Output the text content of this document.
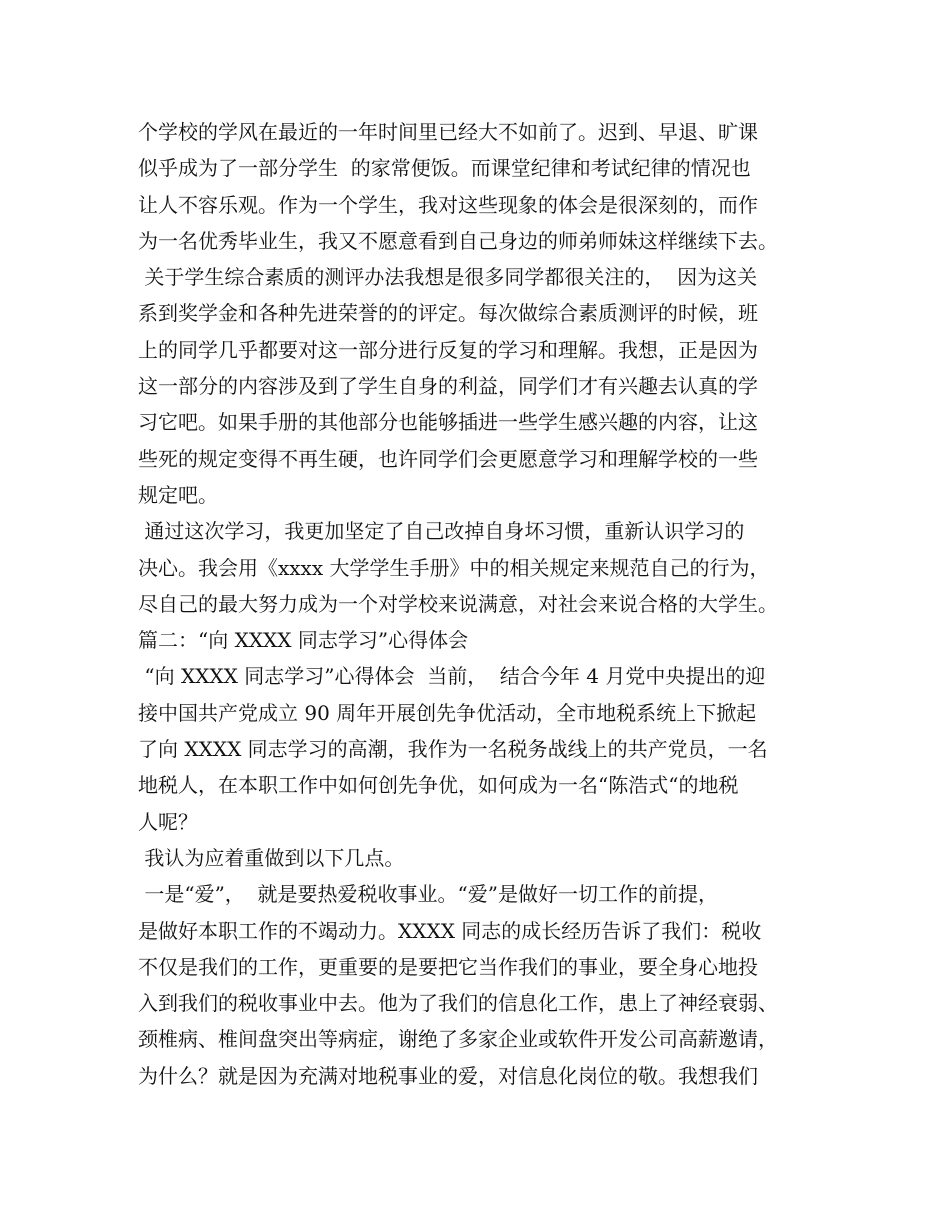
个学校的学风在最近的一年时间里已经大不如前了。迟到、早退、旷课
似乎成为了一部分学生  的家常便饭。而课堂纪律和考试纪律的情况也
让人不容乐观。作为一个学生，我对这些现象的体会是很深刻的，而作
为一名优秀毕业生，我又不愿意看到自己身边的师弟师妹这样继续下去。
关于学生综合素质的测评办法我想是很多同学都很关注的，  因为这关
系到奖学金和各种先进荣誉的的评定。每次做综合素质测评的时候，班
上的同学几乎都要对这一部分进行反复的学习和理解。我想，正是因为
这一部分的内容涉及到了学生自身的利益，同学们才有兴趣去认真的学
习它吧。如果手册的其他部分也能够插进一些学生感兴趣的内容，让这
些死的规定变得不再生硬，也许同学们会更愿意学习和理解学校的一些
规定吧。
通过这次学习，我更加坚定了自己改掉自身坏习惯，重新认识学习的
决心。我会用《xxxx 大学学生手册》中的相关规定来规范自己的行为，
尽自己的最大努力成为一个对学校来说满意，对社会来说合格的大学生。
篇二：“向 XXXX 同志学习”心得体会
“向 XXXX 同志学习”心得体会  当前，  结合今年 4 月党中央提出的迎
接中国共产党成立 90 周年开展创先争优活动，全市地税系统上下掀起
了向 XXXX 同志学习的高潮，我作为一名税务战线上的共产党员，一名
地税人，在本职工作中如何创先争优，如何成为一名“陈浩式“的地税
人呢？
我认为应着重做到以下几点。
一是“爱”，  就是要热爱税收事业。“爱”是做好一切工作的前提，
是做好本职工作的不竭动力。XXXX 同志的成长经历告诉了我们：税收
不仅是我们的工作，更重要的是要把它当作我们的事业，要全身心地投
入到我们的税收事业中去。他为了我们的信息化工作，患上了神经衰弱、
颈椎病、椎间盘突出等病症，谢绝了多家企业或软件开发公司高薪邀请，
为什么？就是因为充满对地税事业的爱，对信息化岗位的敬。我想我们
